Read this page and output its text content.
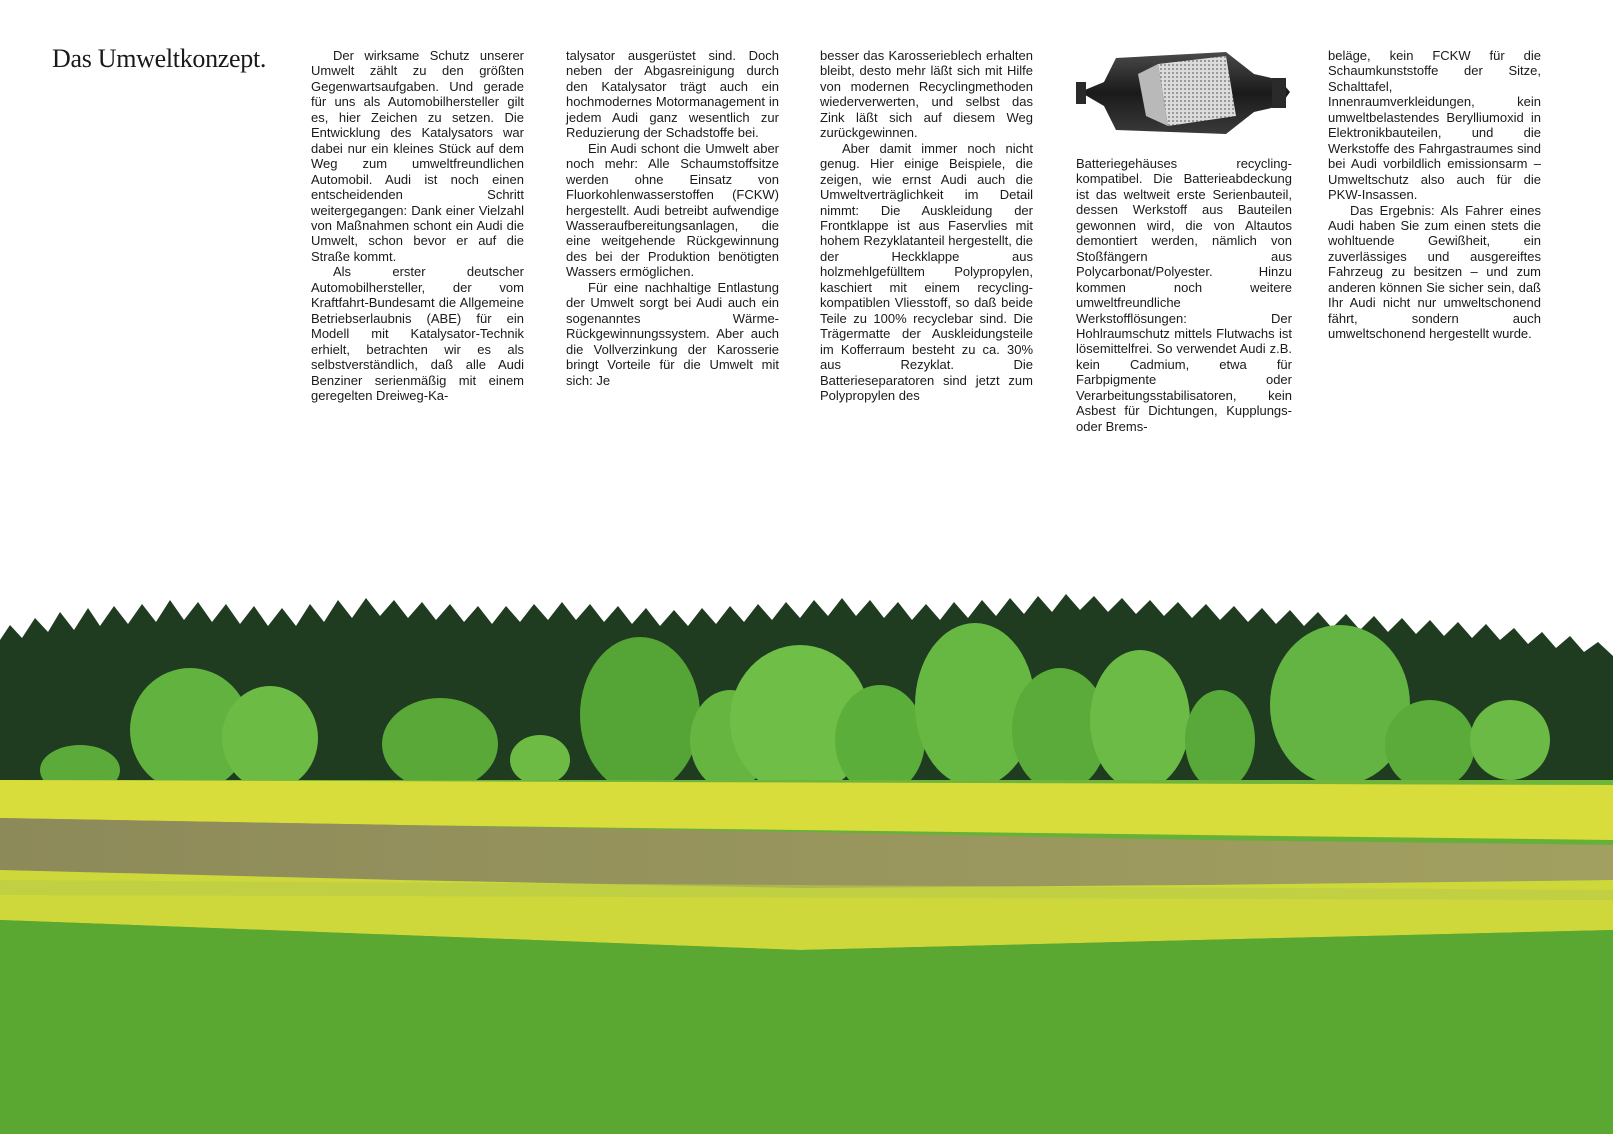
Das Umweltkonzept.	Der wirksame Schutz unserer Umwelt zählt zu den größten Gegenwartsaufgaben. Und gerade für uns als Automobilhersteller gilt es, hier Zeichen zu setzen. Die Entwicklung des Katalysators war dabei nur ein kleines Stück auf dem Weg zum umweltfreundlichen Automobil. Audi ist noch einen entscheidenden Schritt weitergegangen: Dank einer Vielzahl von Maßnahmen schont ein Audi die Umwelt, schon bevor er auf die Straße kommt.

Als erster deutscher Automobilhersteller, der vom Kraftfahrt-Bundesamt die Allgemeine Betriebserlaubnis (ABE) für ein Modell mit Katalysator-Technik erhielt, betrachten wir es als selbstverständlich, daß alle Audi Benziner serienmäßig mit einem geregelten Dreiweg-Ka-

talysator ausgerüstet sind. Doch neben der Abgasreinigung durch den Katalysator trägt auch ein hochmodernes Motormanagement in jedem Audi ganz wesentlich zur Reduzierung der Schadstoffe bei.

Ein Audi schont die Umwelt aber noch mehr: Alle Schaumstoffsitze werden ohne Einsatz von Fluorkohlenwasserstoffen (FCKW) hergestellt. Audi betreibt aufwendige Wasseraufbereitungsanlagen, die eine weitgehende Rückgewinnung des bei der Produktion benötigten Wassers ermöglichen.

Für eine nachhaltige Entlastung der Umwelt sorgt bei Audi auch ein sogenanntes Wärme-Rückgewinnungssystem. Aber auch die Vollverzinkung der Karosserie bringt Vorteile für die Umwelt mit sich: Je

besser das Karosserieblech erhalten bleibt, desto mehr läßt sich mit Hilfe von modernen Recyclingmethoden wiederverwerten, und selbst das Zink läßt sich auf diesem Weg zurückgewinnen.

Aber damit immer noch nicht genug. Hier einige Beispiele, die zeigen, wie ernst Audi auch die Umweltverträglichkeit im Detail nimmt: Die Auskleidung der Frontklappe ist aus Faservlies mit hohem Rezyklatanteil hergestellt, die der Heckklappe aus holzmehlgefülltem Polypropylen, kaschiert mit einem recycling-kompatiblen Vliesstoff, so daß beide Teile zu 100% recyclebar sind. Die Trägermatte der Auskleidungsteile im Kofferraum besteht zu ca. 30% aus Rezyklat. Die Batterieseparatoren sind jetzt zum Polypropylen des

Batteriegehäuses recycling-kompatibel. Die Batterieabdeckung ist das weltweit erste Serienbauteil, dessen Werkstoff aus Bauteilen gewonnen wird, die von Altautos demontiert werden, nämlich von Stoßfängern aus Polycarbonat/Polyester. Hinzu kommen noch weitere umweltfreundliche Werkstofflösungen: Der Hohlraumschutz mittels Flutwachs ist lösemittelfrei. So verwendet Audi z.B. kein Cadmium, etwa für Farbpigmente oder Verarbeitungsstabilisatoren, kein Asbest für Dichtungen, Kupplungs- oder Brems-

beläge, kein FCKW für die Schaumkunststoffe der Sitze, Schalttafel, Innenraumverkleidungen, kein umweltbelastendes Berylliumoxid in Elektronikbauteilen, und die Werkstoffe des Fahrgastraumes sind bei Audi vorbildlich emissionsarm – Umweltschutz also auch für die PKW-Insassen.

Das Ergebnis: Als Fahrer eines Audi haben Sie zum einen stets die wohltuende Gewißheit, ein zuverlässiges und ausgereiftes Fahrzeug zu besitzen – und zum anderen können Sie sicher sein, daß Ihr Audi nicht nur umweltschonend fährt, sondern auch umweltschonend hergestellt wurde.
